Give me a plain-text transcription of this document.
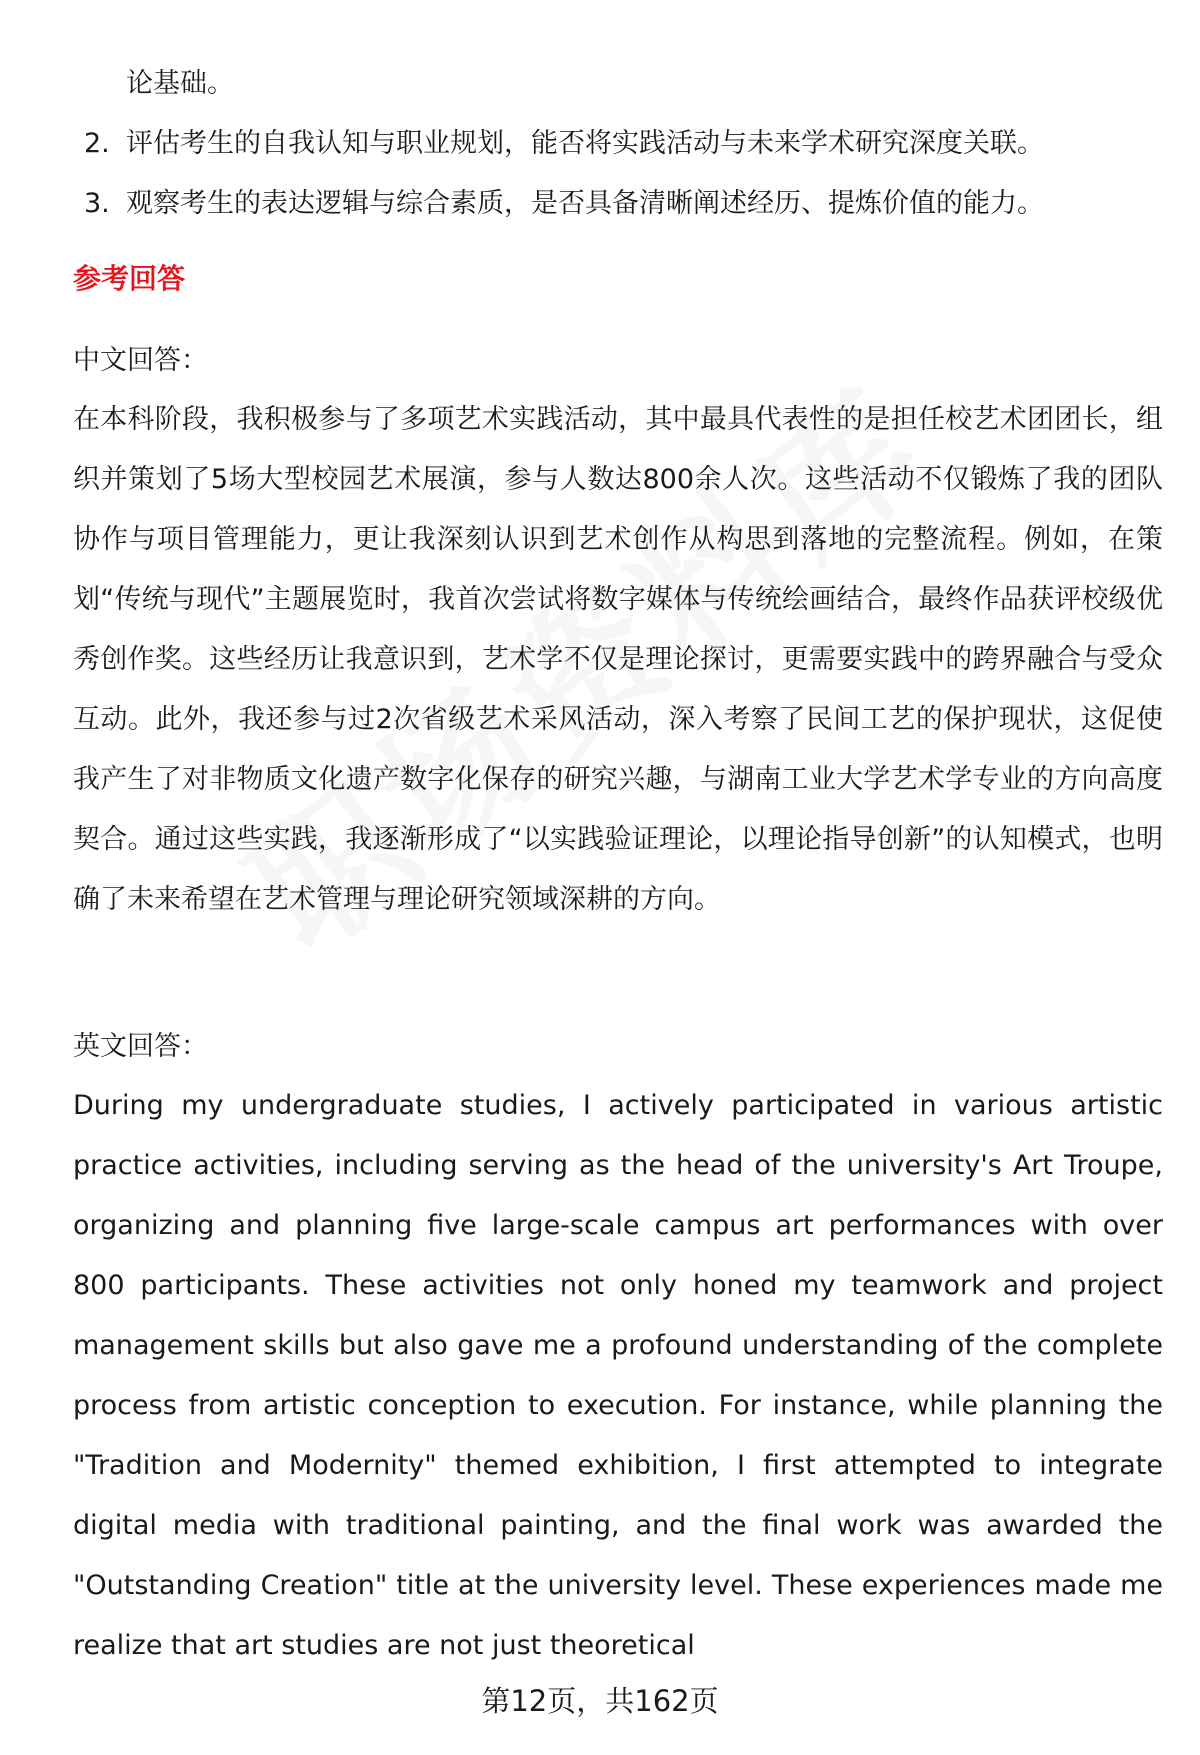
论基础。
2. 评估考生的自我认知与职业规划，能否将实践活动与未来学术研究深度关联。
3. 观察考生的表达逻辑与综合素质，是否具备清晰阐述经历、提炼价值的能力。
参考回答
中文回答：

在本科阶段，我积极参与了多项艺术实践活动，其中最具代表性的是担任校艺术团团长，组织并策划了5场大型校园艺术展演，参与人数达800余人次。这些活动不仅锻炼了我的团队协作与项目管理能力，更让我深刻认识到艺术创作从构思到落地的完整流程。例如，在策划“传统与现代”主题展览时，我首次尝试将数字媒体与传统绘画结合，最终作品获评校级优秀创作奖。这些经历让我意识到，艺术学不仅是理论探讨，更需要实践中的跨界融合与受众互动。此外，我还参与过2次省级艺术采风活动，深入考察了民间工艺的保护现状，这促使我产生了对非物质文化遗产数字化保存的研究兴趣，与湖南工业大学艺术学专业的方向高度契合。通过这些实践，我逐渐形成了“以实践验证理论，以理论指导创新”的认知模式，也明确了未来希望在艺术管理与理论研究领域深耕的方向。

英文回答：

During my undergraduate studies, I actively participated in various artistic practice activities, including serving as the head of the university's Art Troupe, organizing and planning five large-scale campus art performances with over 800 participants. These activities not only honed my teamwork and project management skills but also gave me a profound understanding of the complete process from artistic conception to execution. For instance, while planning the "Tradition and Modernity" themed exhibition, I first attempted to integrate digital media with traditional painting, and the final work was awarded the "Outstanding Creation" title at the university level. These experiences made me realize that art studies are not just theoretical

第12页，共162页
